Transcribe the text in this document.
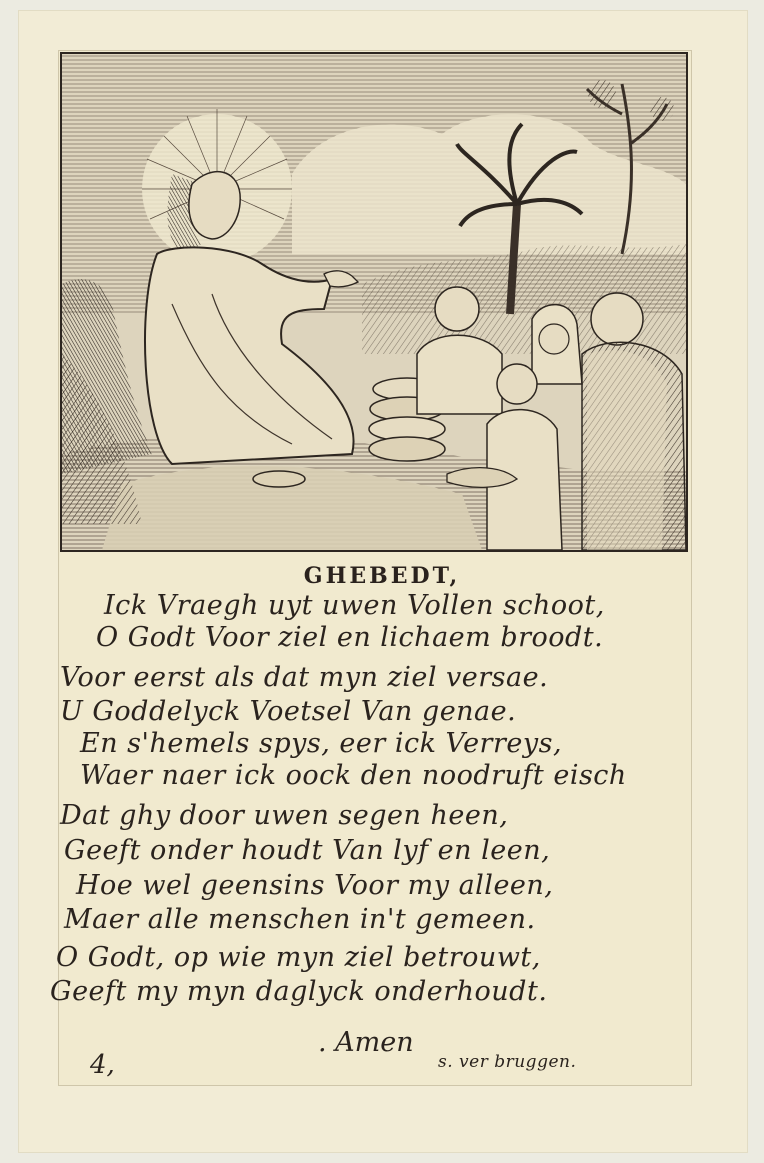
GHEBEDT,
Ick Vraegh uyt uwen Vollen schoot,
O Godt Voor ziel en lichaem broodt.
Voor eerst als dat myn ziel versae.
U Goddelyck Voetsel Van genae.
En s'hemels spys, eer ick Verreys,
Waer naer ick oock den noodruft eisch
Dat ghy door uwen segen heen,
Geeft onder houdt Van lyf en leen,
Hoe wel geensins Voor my alleen,
Maer alle menschen in't gemeen.
O Godt, op wie myn ziel betrouwt,
Geeft my myn daglyck onderhoudt.
. Amen
4,	s. ver bruggen.
